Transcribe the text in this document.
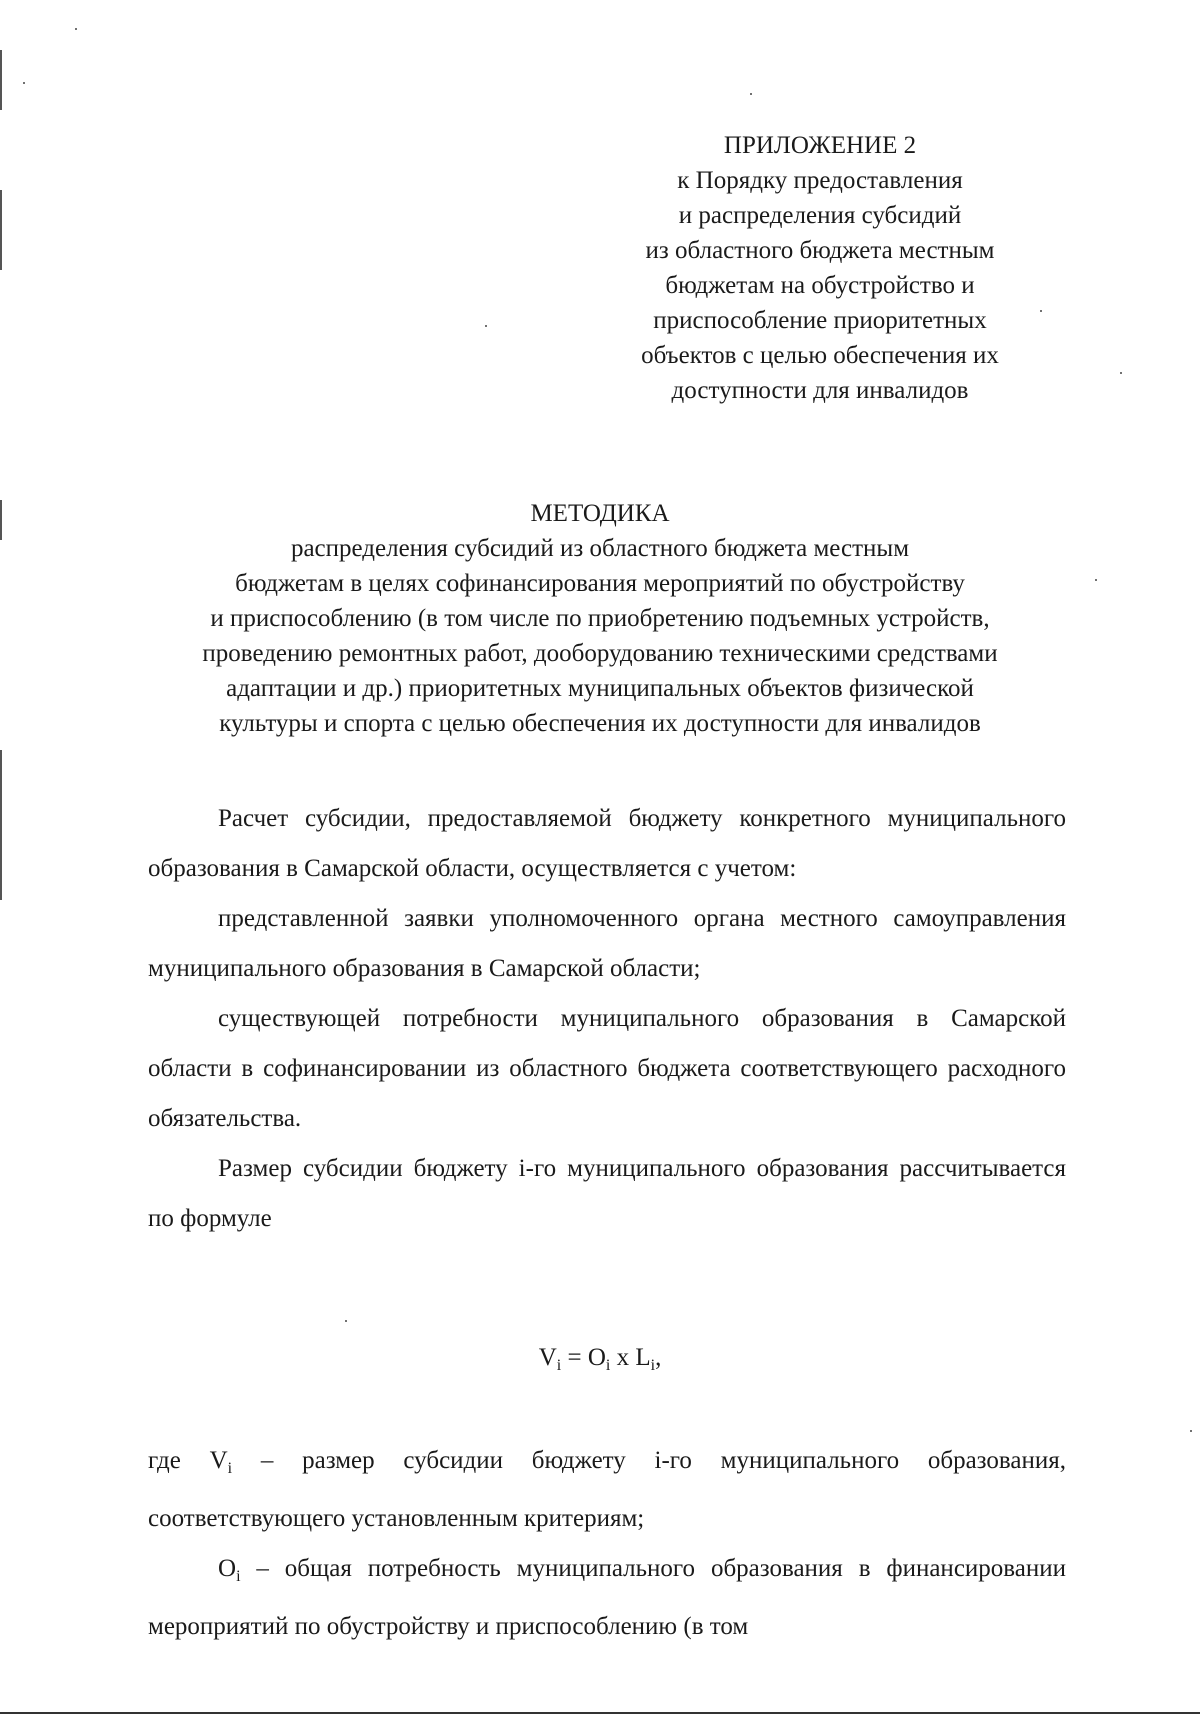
ПРИЛОЖЕНИЕ 2
к Порядку предоставления
и распределения субсидий
из областного бюджета местным
бюджетам на обустройство и
приспособление приоритетных
объектов с целью обеспечения их
доступности для инвалидов
МЕТОДИКА
распределения субсидий из областного бюджета местным
бюджетам в целях софинансирования мероприятий по обустройству
и приспособлению (в том числе по приобретению подъемных устройств,
проведению ремонтных работ, дооборудованию техническими средствами
адаптации и др.) приоритетных муниципальных объектов физической
культуры и спорта с целью обеспечения их доступности для инвалидов

Расчет субсидии, предоставляемой бюджету конкретного муниципального образования в Самарской области, осуществляется с учетом:

представленной заявки уполномоченного органа местного самоуправления муниципального образования в Самарской области;

существующей потребности муниципального образования в Самарской области в софинансировании из областного бюджета соответствующего расходного обязательства.

Размер субсидии бюджету i-го муниципального образования рассчитывается по формуле

$V_i = O_i$ x $L_i$,

где $V_i$ – размер субсидии бюджету i-го муниципального образования, соответствующего установленным критериям;

$O_i$ – общая потребность муниципального образования в финансировании мероприятий по обустройству и приспособлению (в том
